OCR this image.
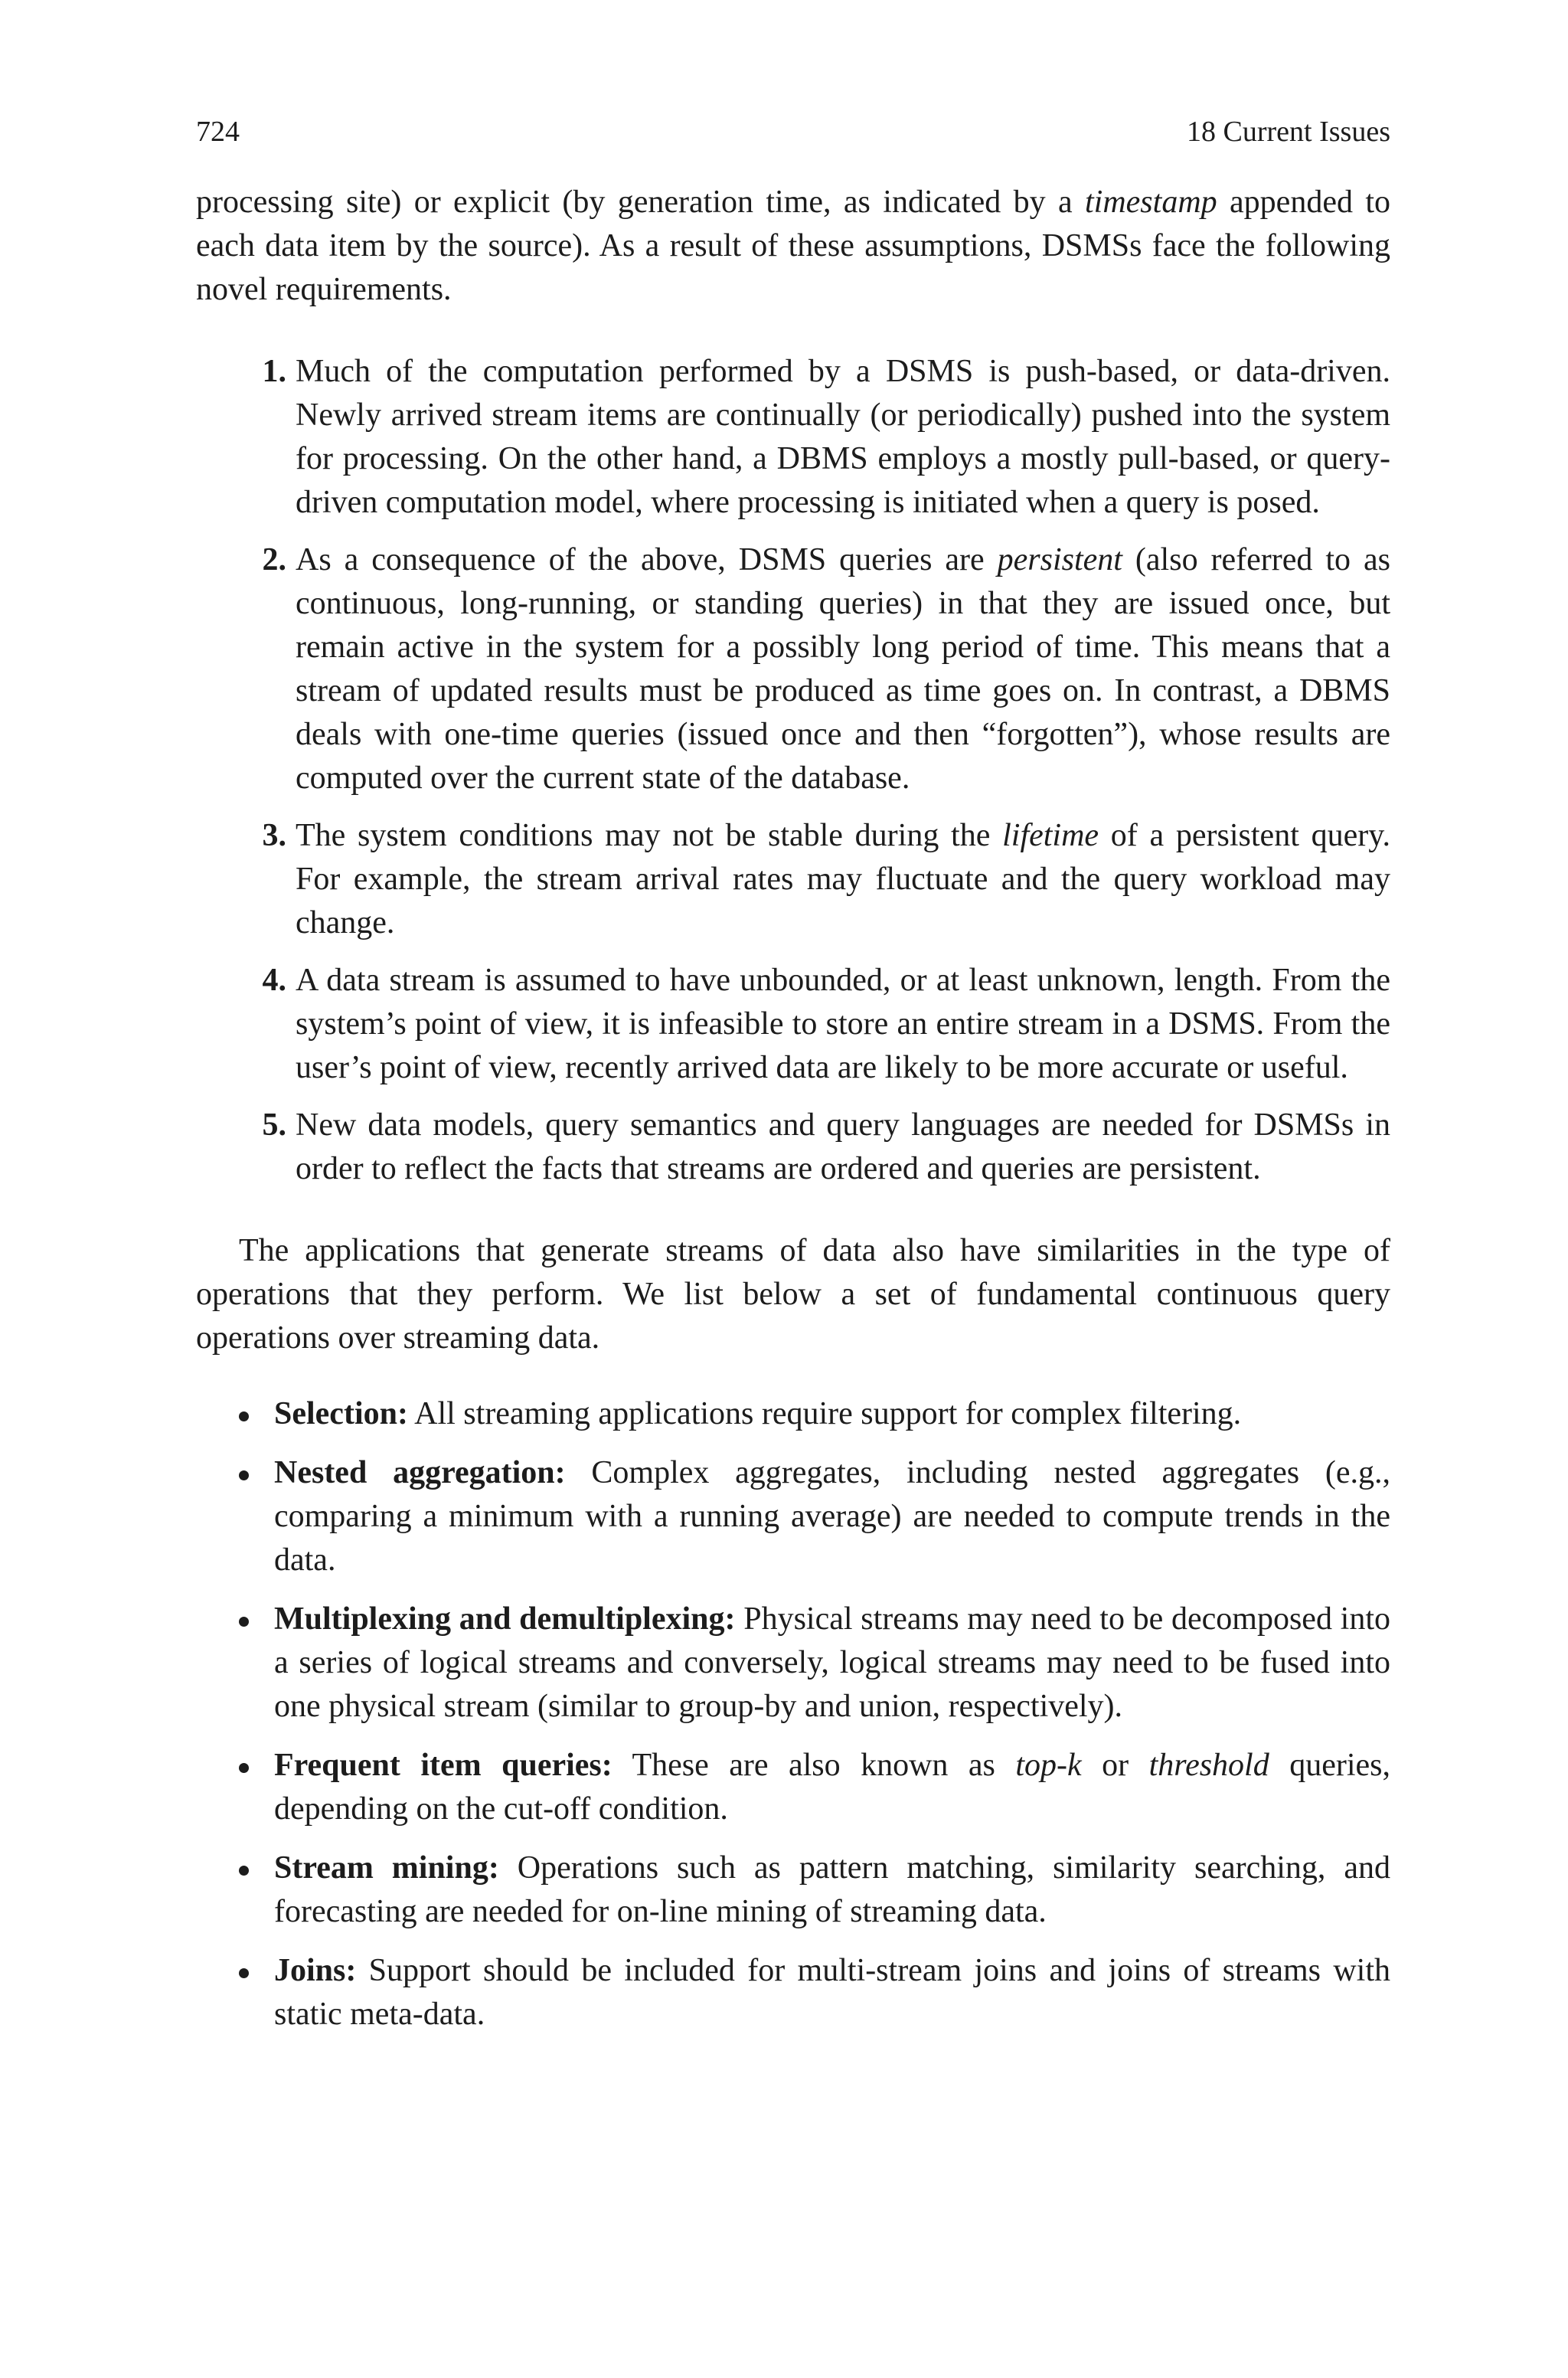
724	18 Current Issues

processing site) or explicit (by generation time, as indicated by a timestamp appended to each data item by the source). As a result of these assumptions, DSMSs face the following novel requirements.

1. Much of the computation performed by a DSMS is push-based, or data-driven. Newly arrived stream items are continually (or periodically) pushed into the system for processing. On the other hand, a DBMS employs a mostly pull-based, or query-driven computation model, where processing is initiated when a query is posed.
2. As a consequence of the above, DSMS queries are persistent (also referred to as continuous, long-running, or standing queries) in that they are issued once, but remain active in the system for a possibly long period of time. This means that a stream of updated results must be produced as time goes on. In contrast, a DBMS deals with one-time queries (issued once and then “forgotten”), whose results are computed over the current state of the database.
3. The system conditions may not be stable during the lifetime of a persistent query. For example, the stream arrival rates may fluctuate and the query workload may change.
4. A data stream is assumed to have unbounded, or at least unknown, length. From the system’s point of view, it is infeasible to store an entire stream in a DSMS. From the user’s point of view, recently arrived data are likely to be more accurate or useful.
5. New data models, query semantics and query languages are needed for DSMSs in order to reflect the facts that streams are ordered and queries are persistent.

The applications that generate streams of data also have similarities in the type of operations that they perform. We list below a set of fundamental continuous query operations over streaming data.

Selection: All streaming applications require support for complex filtering.
Nested aggregation: Complex aggregates, including nested aggregates (e.g., comparing a minimum with a running average) are needed to compute trends in the data.
Multiplexing and demultiplexing: Physical streams may need to be decomposed into a series of logical streams and conversely, logical streams may need to be fused into one physical stream (similar to group-by and union, respectively).
Frequent item queries: These are also known as top-k or threshold queries, depending on the cut-off condition.
Stream mining: Operations such as pattern matching, similarity searching, and forecasting are needed for on-line mining of streaming data.
Joins: Support should be included for multi-stream joins and joins of streams with static meta-data.
